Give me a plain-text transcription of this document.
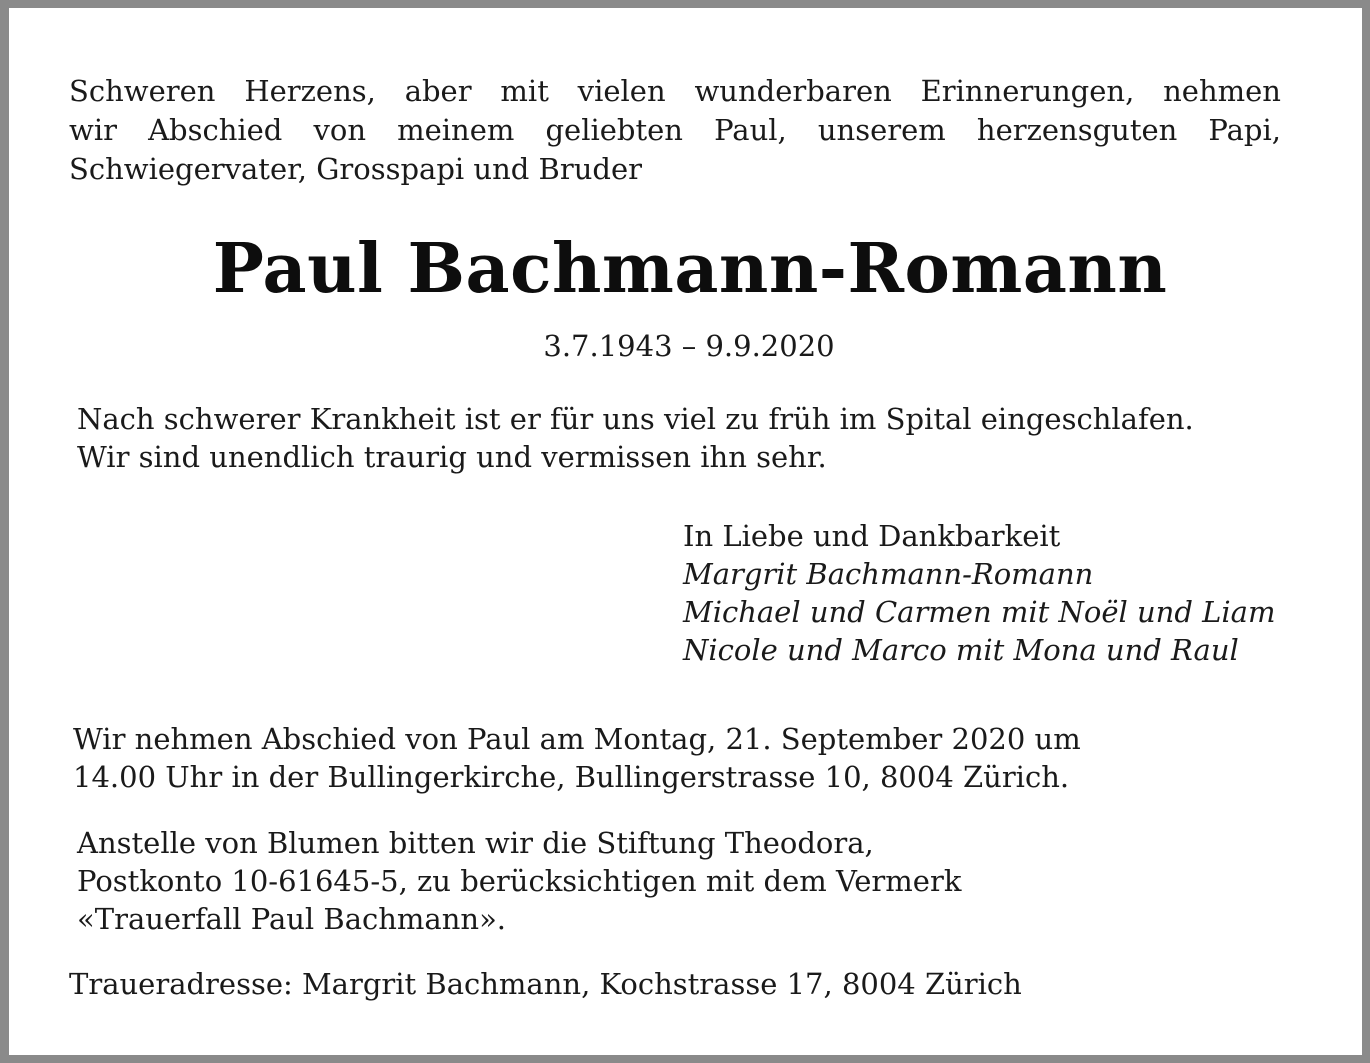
Schweren Herzens, aber mit vielen wunderbaren Erinnerungen, nehmen
wir Abschied von meinem geliebten Paul, unserem herzensguten Papi,
Schwiegervater, Grosspapi und Bruder
Paul Bachmann-Romann
3.7.1943 – 9.9.2020
Nach schwerer Krankheit ist er für uns viel zu früh im Spital eingeschlafen.
Wir sind unendlich traurig und vermissen ihn sehr.
In Liebe und Dankbarkeit
Margrit Bachmann-Romann
Michael und Carmen mit Noël und Liam
Nicole und Marco mit Mona und Raul
Wir nehmen Abschied von Paul am Montag, 21. September 2020 um
14.00 Uhr in der Bullingerkirche, Bullingerstrasse 10, 8004 Zürich.
Anstelle von Blumen bitten wir die Stiftung Theodora,
Postkonto 10-61645-5, zu berücksichtigen mit dem Vermerk
«Trauerfall Paul Bachmann».
Traueradresse: Margrit Bachmann, Kochstrasse 17, 8004 Zürich
